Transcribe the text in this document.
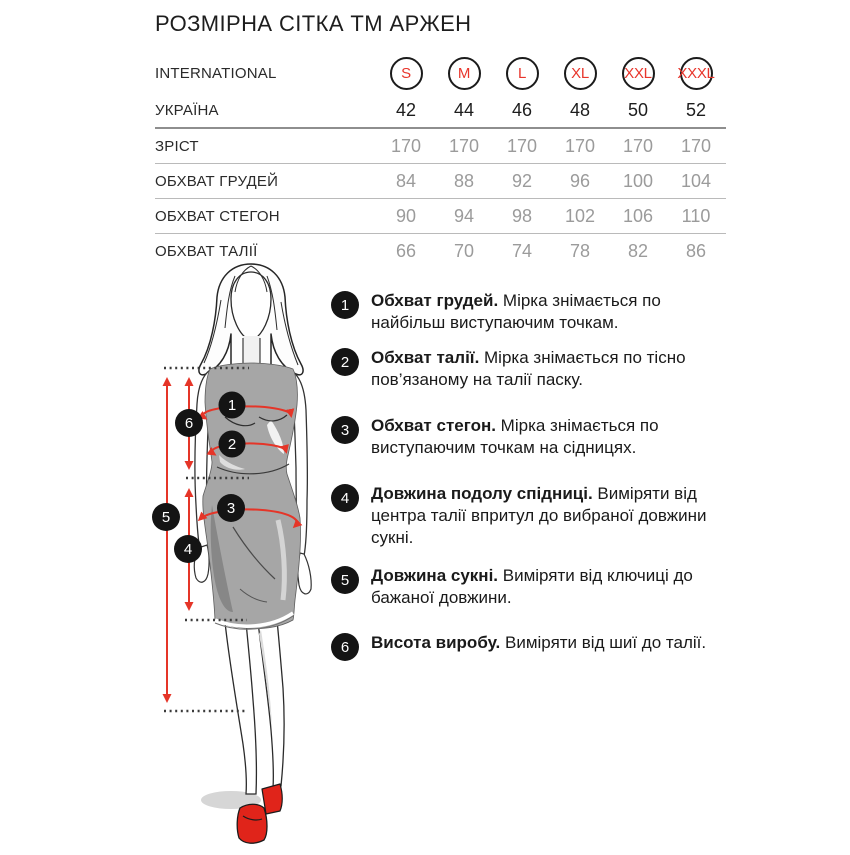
РОЗМІРНА СІТКА ТМ АРЖЕН
INTERNATIONAL	S	M	L	XL XXL XXXL
УКРАЇНА	42 44 46 48 50 52
ЗРІСТ	170 170 170 170 170 170
ОБХВАТ ГРУДЕЙ	84 88 92 96 100 104
ОБХВАТ СТЕГОН	90 94 98 102 106 110
ОБХВАТ ТАЛІЇ	66 70 74 78 82 86
1
2
3
4
5
6
1	Обхват грудей. Мірка знімається по найбільш виступаючим точкам.
2	Обхват талії. Мірка знімається по тісно пов’язаному на талії паску.
3	Обхват стегон. Мірка знімається по виступаючим точкам на сідницях.
4	Довжина подолу спідниці. Виміряти від центра талії впритул до вибраної довжини сукні.
5	Довжина сукні. Виміряти від ключиці до бажаної довжини.
6	Висота виробу. Виміряти від шиї до талії.
